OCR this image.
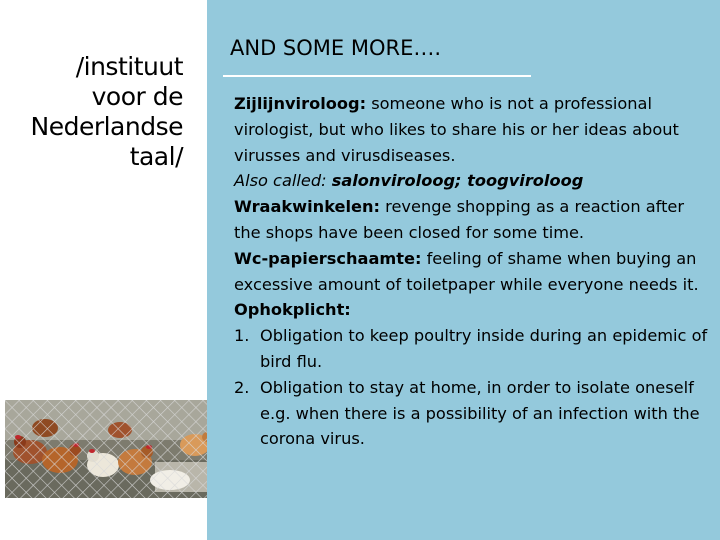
/instituut
voor de
Nederlandse
taal/
AND SOME MORE….

Zijlijnviroloog: someone who is not a professional virologist, but who likes to share his or her ideas about virusses and virusdiseases.

Also called: salonviroloog; toogviroloog

Wraakwinkelen: revenge shopping as a reaction after the shops have been closed for some time.

Wc-papierschaamte: feeling of shame when buying an excessive amount of toiletpaper while everyone needs it.

Ophokplicht:

1. Obligation to keep poultry inside during an epidemic of bird flu.
2. Obligation to stay at home, in order to isolate oneself e.g. when there is a possibility of an infection with the corona virus.
